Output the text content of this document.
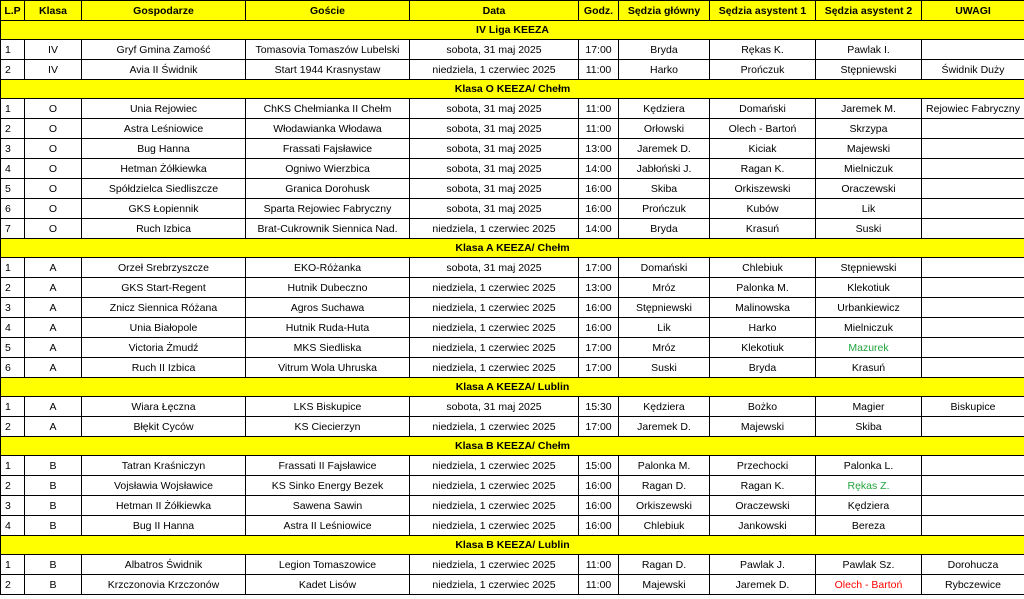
L.P	Klasa	Gospodarze	Goście	Data	Godz.	Sędzia główny	Sędzia asystent 1	Sędzia asystent 2	UWAGI
IV Liga KEEZA									
1	IV	Gryf Gmina Zamość	Tomasovia Tomaszów Lubelski	sobota, 31 maj 2025	17:00	Bryda	Rękas K.	Pawlak I.	
2	IV	Avia II Świdnik	Start 1944 Krasnystaw	niedziela, 1 czerwiec 2025	11:00	Harko	Prończuk	Stępniewski	Świdnik Duży
Klasa O KEEZA/ Chełm									
1	O	Unia Rejowiec	ChKS Chełmianka II Chełm	sobota, 31 maj 2025	11:00	Kędziera	Domański	Jaremek M.	Rejowiec Fabryczny
2	O	Astra Leśniowice	Włodawianka Włodawa	sobota, 31 maj 2025	11:00	Orłowski	Olech - Bartoń	Skrzypa	
3	O	Bug Hanna	Frassati Fajsławice	sobota, 31 maj 2025	13:00	Jaremek D.	Kiciak	Majewski	
4	O	Hetman Żółkiewka	Ogniwo Wierzbica	sobota, 31 maj 2025	14:00	Jabłoński J.	Ragan K.	Mielniczuk	
5	O	Spółdzielca Siedliszcze	Granica Dorohusk	sobota, 31 maj 2025	16:00	Skiba	Orkiszewski	Oraczewski	
6	O	GKS Łopiennik	Sparta Rejowiec Fabryczny	sobota, 31 maj 2025	16:00	Prończuk	Kubów	Lik	
7	O	Ruch Izbica	Brat-Cukrownik Siennica Nad.	niedziela, 1 czerwiec 2025	14:00	Bryda	Krasuń	Suski	
Klasa A KEEZA/ Chełm									
1	A	Orzeł Srebrzyszcze	EKO-Różanka	sobota, 31 maj 2025	17:00	Domański	Chlebiuk	Stępniewski	
2	A	GKS Start-Regent	Hutnik Dubeczno	niedziela, 1 czerwiec 2025	13:00	Mróz	Palonka M.	Klekotiuk	
3	A	Znicz Siennica Różana	Agros Suchawa	niedziela, 1 czerwiec 2025	16:00	Stępniewski	Malinowska	Urbankiewicz	
4	A	Unia Białopole	Hutnik Ruda-Huta	niedziela, 1 czerwiec 2025	16:00	Lik	Harko	Mielniczuk	
5	A	Victoria Żmudź	MKS Siedliska	niedziela, 1 czerwiec 2025	17:00	Mróz	Klekotiuk	Mazurek	
6	A	Ruch II Izbica	Vitrum Wola Uhruska	niedziela, 1 czerwiec 2025	17:00	Suski	Bryda	Krasuń	
Klasa A KEEZA/ Lublin									
1	A	Wiara Łęczna	LKS Biskupice	sobota, 31 maj 2025	15:30	Kędziera	Bożko	Magier	Biskupice
2	A	Błękit Cyców	KS Ciecierzyn	niedziela, 1 czerwiec 2025	17:00	Jaremek D.	Majewski	Skiba	
Klasa B KEEZA/ Chełm									
1	B	Tatran Kraśniczyn	Frassati II Fajsławice	niedziela, 1 czerwiec 2025	15:00	Palonka M.	Przechocki	Palonka L.	
2	B	Vojsławia Wojsławice	KS Sinko Energy Bezek	niedziela, 1 czerwiec 2025	16:00	Ragan D.	Ragan K.	Rękas Z.	
3	B	Hetman II Żółkiewka	Sawena Sawin	niedziela, 1 czerwiec 2025	16:00	Orkiszewski	Oraczewski	Kędziera	
4	B	Bug II Hanna	Astra II Leśniowice	niedziela, 1 czerwiec 2025	16:00	Chlebiuk	Jankowski	Bereza	
Klasa B KEEZA/ Lublin									
1	B	Albatros Świdnik	Legion Tomaszowice	niedziela, 1 czerwiec 2025	11:00	Ragan D.	Pawlak J.	Pawlak Sz.	Dorohucza
2	B	Krzczonovia Krzczonów	Kadet Lisów	niedziela, 1 czerwiec 2025	11:00	Majewski	Jaremek D.	Olech - Bartoń	Rybczewice
